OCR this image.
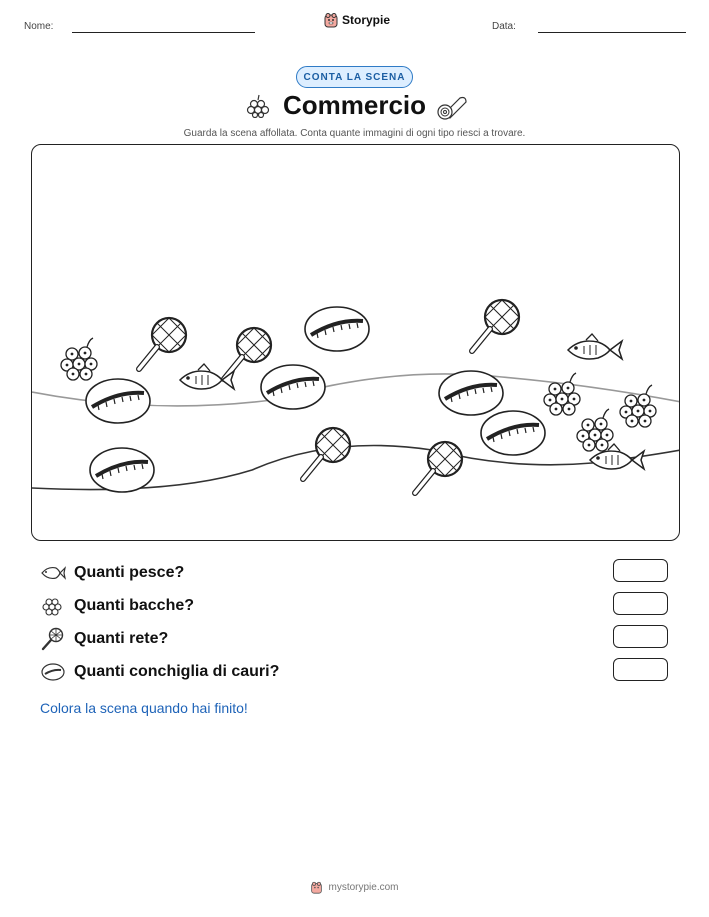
Nome:	Storypie	Data:
CONTA LA SCENA
Commercio
Guarda la scena affollata. Conta quante immagini di ogni tipo riesci a trovare.
Quanti pesce?
Quanti bacche?
Quanti rete?
Quanti conchiglia di cauri?
Colora la scena quando hai finito!
mystorypie.com
